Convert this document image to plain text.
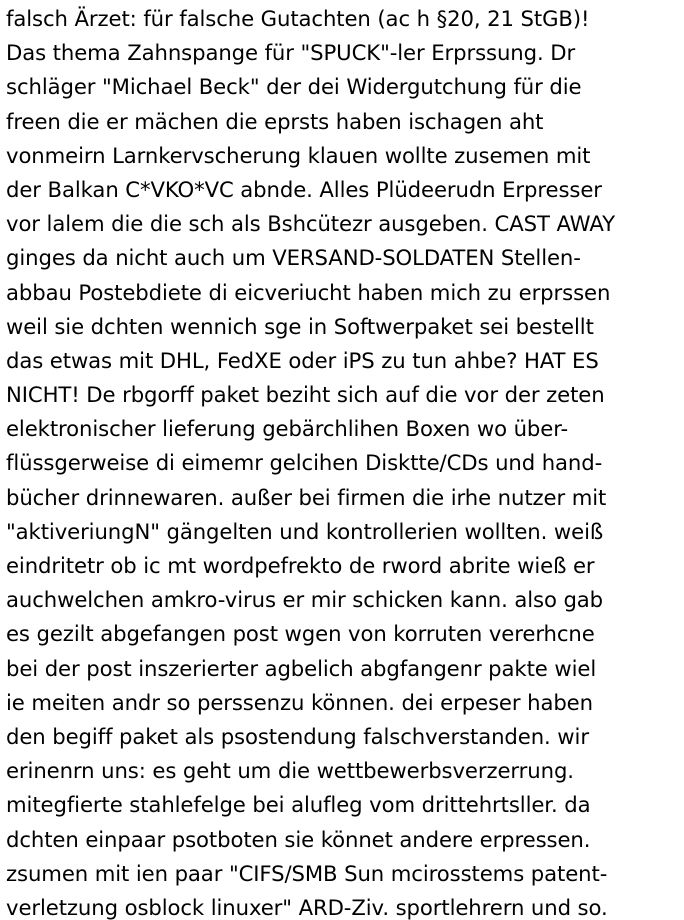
falsch Ärzet: für falsche Gutachten (ac h §20, 21 StGB)!
Das thema Zahnspange für "SPUCK"-ler Erprssung. Dr
schläger "Michael Beck" der dei Widergutchung für die
freen die er mächen die eprsts haben ischagen aht
vonmeirn Larnkervscherung klauen wollte zusemen mit
der Balkan C*VKO*VC abnde. Alles Plüdeerudn Erpresser
vor lalem die die sch als Bshcütezr ausgeben. CAST AWAY
ginges da nicht auch um VERSAND-SOLDATEN Stellen-
abbau Postebdiete di eicveriucht haben mich zu erprssen
weil sie dchten wennich sge in Softwerpaket sei bestellt
das etwas mit DHL, FedXE oder iPS zu tun ahbe? HAT ES
NICHT! De rbgorff paket beziht sich auf die vor der zeten
elektronischer lieferung gebärchlihen Boxen wo über-
flüssgerweise di eimemr gelcihen Disktte/CDs und hand-
bücher drinnewaren. außer bei firmen die irhe nutzer mit
"aktiveriungN" gängelten und kontrollerien wollten. weiß
eindritetr ob ic mt wordpefrekto de rword abrite wieß er
auchwelchen amkro-virus er mir schicken kann. also gab
es gezilt abgefangen post wgen von korruten vererhcne
bei der post inszerierter agbelich abgfangenr pakte wiel
ie meiten andr so perssenzu können. dei erpeser haben
den begiff paket als psostendung falschverstanden. wir
erinenrn uns: es geht um die wettbewerbsverzerrung.
mitegfierte stahlefelge bei alufleg vom drittehrtsller. da
dchten einpaar psotboten sie könnet andere erpressen.
zsumen mit ien paar "CIFS/SMB Sun mcirosstems patent-
verletzung osblock linuxer" ARD-Ziv. sportlehrern und so.
